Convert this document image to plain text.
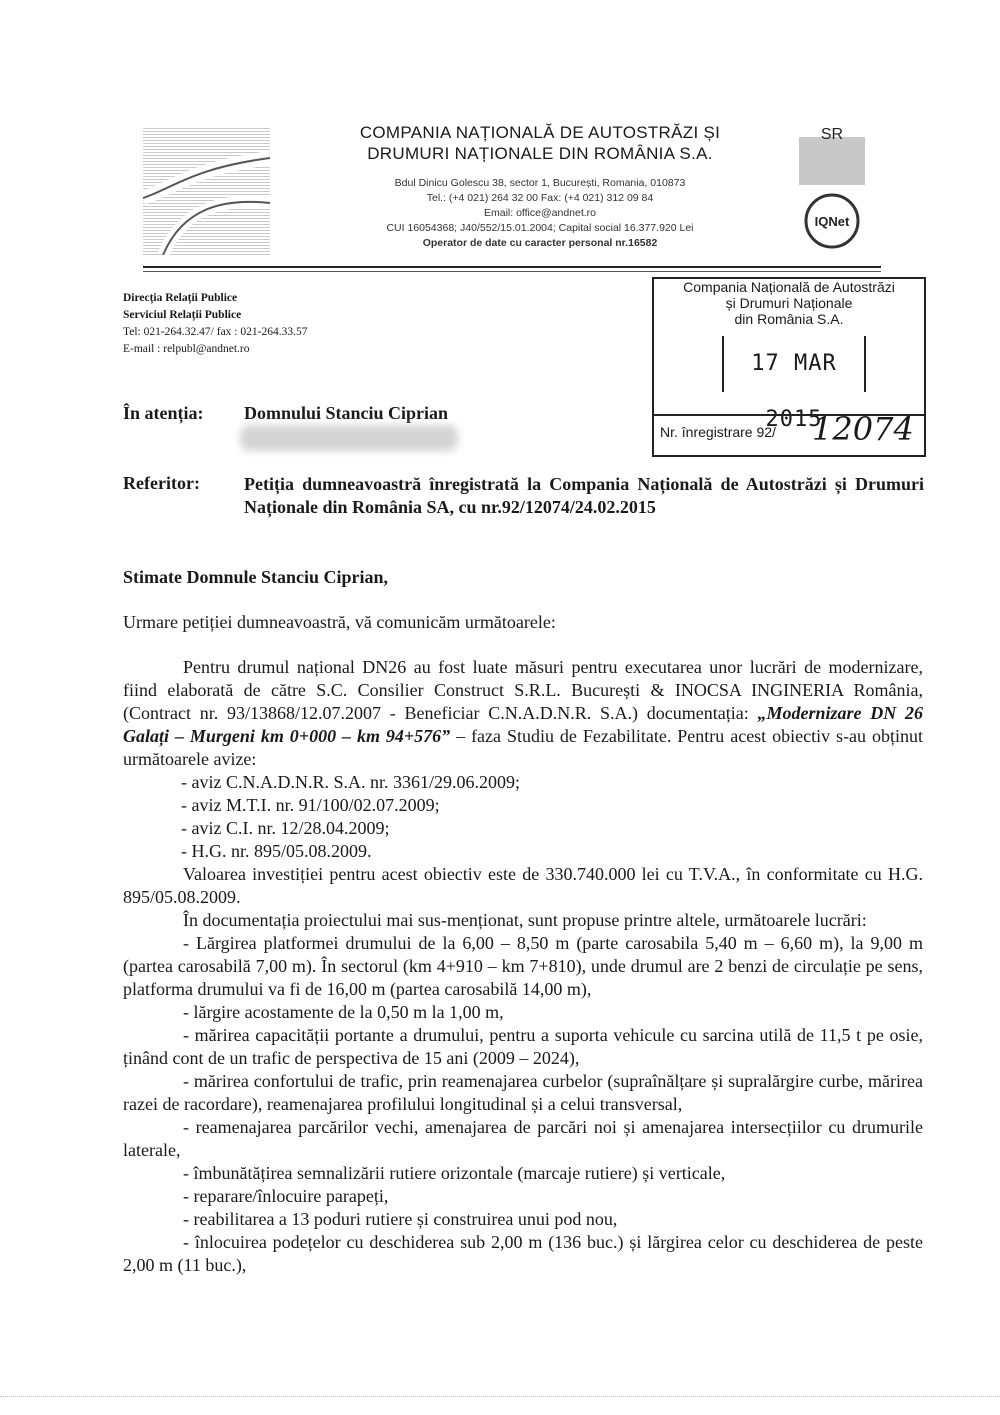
COMPANIA NAȚIONALĂ DE AUTOSTRĂZI ȘI
DRUMURI NAȚIONALE DIN ROMÂNIA S.A.
Bdul Dinicu Golescu 38, sector 1, București, Romania, 010873
Tel.: (+4 021) 264 32 00 Fax: (+4 021) 312 09 84
Email: office@andnet.ro
CUI 16054368; J40/552/15.01.2004; Capital social 16.377.920 Lei
Operator de date cu caracter personal nr.16582
SR
IQNet
Direcția Relații Publice
Serviciul Relații Publice
Tel: 021-264.32.47/ fax : 021-264.33.57
E-mail : relpubl@andnet.ro
Compania Națională de Autostrăzi
și Drumuri Naționale
din România S.A.
17 MAR 2015
Nr. înregistrare 92/ 12074
În atenția: Domnului Stanciu Ciprian
Referitor: Petiția dumneavoastră înregistrată la Compania Națională de Autostrăzi și Drumuri Naționale din România SA, cu nr.92/12074/24.02.2015
Stimate Domnule Stanciu Ciprian,
Urmare petiției dumneavoastră, vă comunicăm următoarele:

Pentru drumul național DN26 au fost luate măsuri pentru executarea unor lucrări de modernizare, fiind elaborată de către S.C. Consilier Construct S.R.L. București & INOCSA INGINERIA România, (Contract nr. 93/13868/12.07.2007 - Beneficiar C.N.A.D.N.R. S.A.) documentația: „Modernizare DN 26 Galați – Murgeni km 0+000 – km 94+576” – faza Studiu de Fezabilitate. Pentru acest obiectiv s-au obținut următoarele avize:

- aviz C.N.A.D.N.R. S.A. nr. 3361/29.06.2009;

- aviz M.T.I. nr. 91/100/02.07.2009;

- aviz C.I. nr. 12/28.04.2009;

- H.G. nr. 895/05.08.2009.

Valoarea investiției pentru acest obiectiv este de 330.740.000 lei cu T.V.A., în conformitate cu H.G. 895/05.08.2009.

În documentația proiectului mai sus-menționat, sunt propuse printre altele, următoarele lucrări:

- Lărgirea platformei drumului de la 6,00 – 8,50 m (parte carosabila 5,40 m – 6,60 m), la 9,00 m (partea carosabilă 7,00 m). În sectorul (km 4+910 – km 7+810), unde drumul are 2 benzi de circulație pe sens, platforma drumului va fi de 16,00 m (partea carosabilă 14,00 m),

- lărgire acostamente de la 0,50 m la 1,00 m,

- mărirea capacității portante a drumului, pentru a suporta vehicule cu sarcina utilă de 11,5 t pe osie, ținând cont de un trafic de perspectiva de 15 ani (2009 – 2024),

- mărirea confortului de trafic, prin reamenajarea curbelor (supraînălțare și supralărgire curbe, mărirea razei de racordare), reamenajarea profilului longitudinal și a celui transversal,

- reamenajarea parcărilor vechi, amenajarea de parcări noi și amenajarea intersecțiilor cu drumurile laterale,

- îmbunătățirea semnalizării rutiere orizontale (marcaje rutiere) și verticale,

- reparare/înlocuire parapeți,

- reabilitarea a 13 poduri rutiere și construirea unui pod nou,

- înlocuirea podețelor cu deschiderea sub 2,00 m (136 buc.) și lărgirea celor cu deschiderea de peste 2,00 m (11 buc.),
